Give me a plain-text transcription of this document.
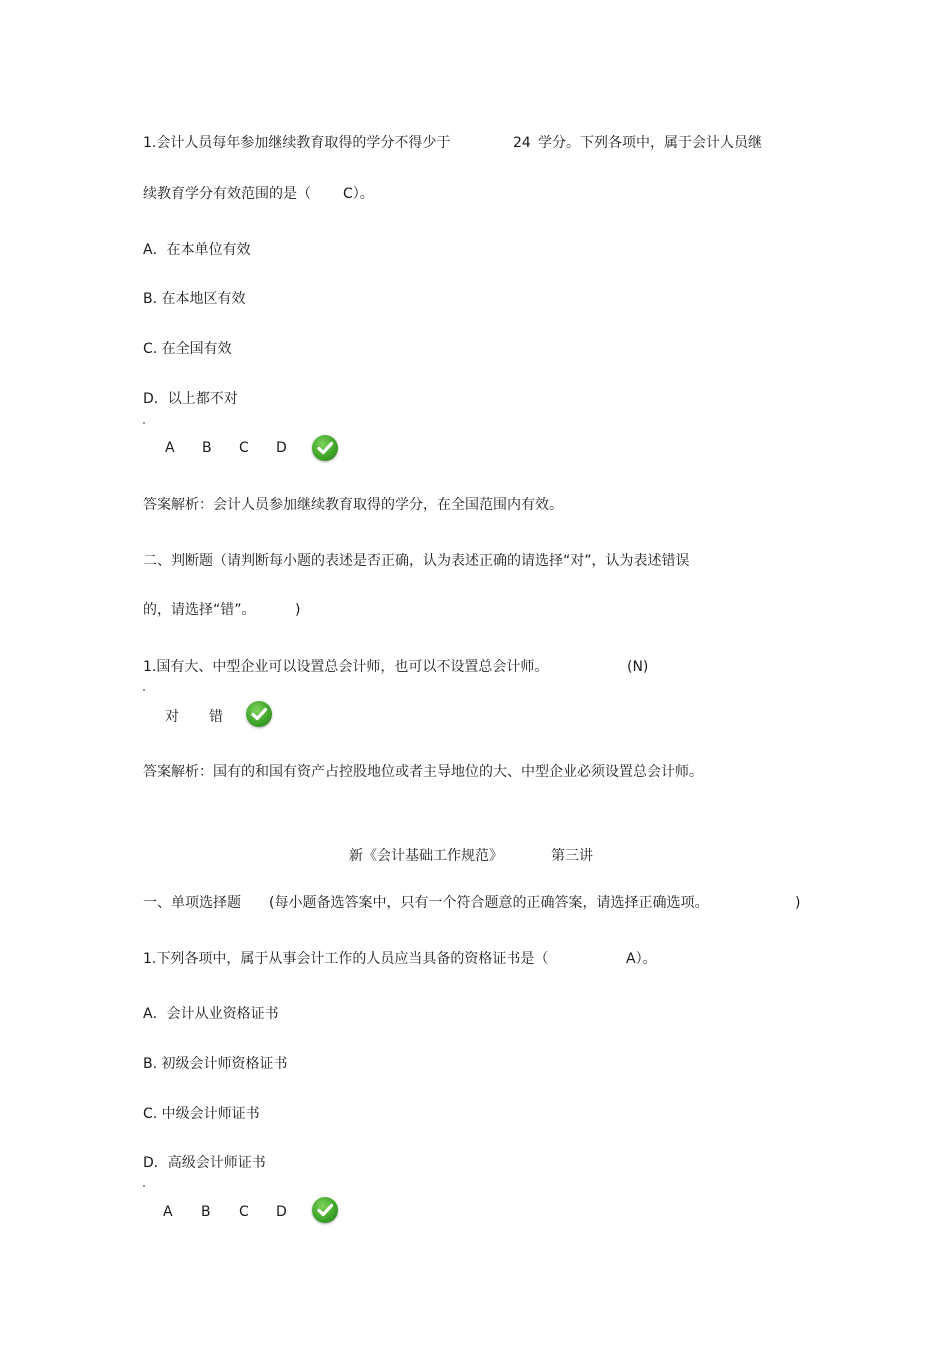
1.会计人员每年参加继续教育取得的学分不得少于	24 学分。下列各项中，属于会计人员继
续教育学分有效范围的是（ C）。
A．在本单位有效
B. 在本地区有效
C. 在全国有效
D．以上都不对
A B C D
答案解析：会计人员参加继续教育取得的学分，在全国范围内有效。
二、判断题（请判断每小题的表述是否正确，认为表述正确的请选择“对”，认为表述错误
的，请选择“错”。	)
1.国有大、中型企业可以设置总会计师，也可以不设置总会计师。	(N)
对 错
答案解析：国有的和国有资产占控股地位或者主导地位的大、中型企业必须设置总会计师。
新《会计基础工作规范》	第三讲
一、单项选择题 (每小题备选答案中，只有一个符合题意的正确答案，请选择正确选项。	)
1.下列各项中，属于从事会计工作的人员应当具备的资格证书是（	A）。
A．会计从业资格证书
B. 初级会计师资格证书
C. 中级会计师证书
D．高级会计师证书
A B C D
